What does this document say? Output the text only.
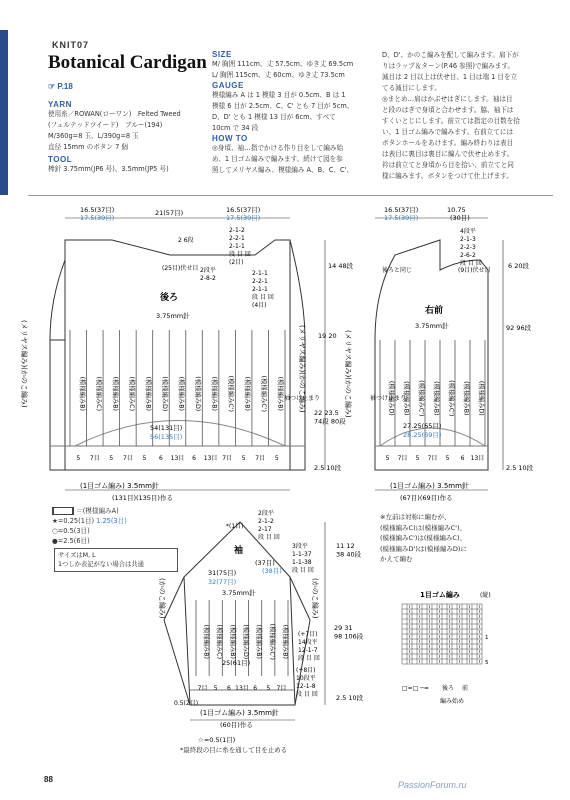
KNIT07
Botanical Cardigan
☞ P.18
YARN
使用糸／ROWAN(ローワン)　Felted Tweed
(フェルテッドツイード)　ブルー(194)
M/360g=8 玉、L/390g=8 玉
直径 15mm のボタン 7 個
TOOL
棒針 3.75mm(JP6 号)、3.5mm(JP5 号)
SIZE
M/ 胸囲 111cm、丈 57.5cm、ゆき丈 69.5cm
L/ 胸囲 115cm、丈 60cm、ゆき丈 73.5cm
GAUGE
模様編み A は 1 模様 3 目が 0.5cm、B は 1
模様 6 目が 2.5cm、C、C' とも 7 目が 5cm、
D、D' とも 1 模様 13 目が 6cm、すべて
10cm で 34 段
HOW TO
◎身頃、袖…指でかける作り目をして編み始
め、1 目ゴム編みで編みます。続けて図を参
照してメリヤス編み、模様編み A、B、C、C'、
D、D'、かのこ編みを配して編みます。肩下が
りはラップ＆ターン(P.46 参照)で編みます。
減目は 2 目以上は伏せ目、1 目は端 1 目を立
てる減目にします。
◎まとめ…肩はかぶせはぎにします。袖は目
と段のはぎで身頃と合わせます。脇、袖下は
すくいとじにします。前立ては指定の目数を拾
い、1 目ゴム編みで編みます。右前立てには
ボタンホールをあけます。編み終わりは表目
は表目に裏目は裏目に編んで伏せ止めます。
衿は前立てと身頃から目を拾い、前立てと同
様に編みます。ボタンをつけて仕上げます。
後ろ
3.75mm針
(1目ゴム編み) 3.5mm針
(131目)(135目)作る
16.5(37目)
17.5(39目)
21(57目)	16.5(37目)
17.5(39目)
54(131目)
56(135目)
2段平 2-8-2
2 6段
(25目)伏せ目
2-1-2 2-2-1 2-1-1 段 目 回(2目)
2-1-1 2-2-1 2-1-1 段 目 回(4目)
14 48段
19 20
22 23.5 74段 80段
2.5 10段
袖つけ止まり
(メリヤス編み)(かのこ編み)	(メリヤス編み)(かのこ編み)
(模様編みB)	(模様編みC)	(模様編みB)	(模様編みC)	(模様編みB)	(模様編みD)	(模様編みB)	(模様編みD)	(模様編みB)	(模様編みC')	(模様編みB)	(模様編みC')	(模様編みB)
5 7目 5 7目 5 6 13目 6 13目 7目 5 7目 5
右前
3.75mm針
(1目ゴム編み) 3.5mm針
(67目)(69目)作る
16.5(37目)
17.5(39目)
10.75
(30目)
4段平 2-1-3 2-2-3 2-6-2 段 目 回
(9目)伏せ目
後ろと同じ
6 20段
92 96段
27.25(65目)
28.25(69目)
袖つけ止まり
2.5 10段
(メリヤス編み)(かのこ編み)	(模様編みD)	(模様編みB)	(模様編みC')	(模様編みB)	(模様編みC')	(模様編みB)	(模様編みD)
5 7目 5 7目 5 6 13目
袖
3.75mm針
(1目ゴム編み) 3.5mm針
(60目)作る
(37目)
(38目)
2段平 2-1-2 2-17 段 目 回
3段平 1-1-37 1-1-38 段 目 回
31(75目)
32(77目)
25(61目)
(+7目) 14段平 12-1-7 段 目 回
(+8目) 10段平 12-1-8 段 目 回
11 12 38 40段
29 31 98 106段
2.5 10段
0.5(2目)
*(1目)
☆=0.5(1目)
(かのこ編み)	(かのこ編み)
(模様編みB) (模様編みC) (模様編みB) (模様編みD) (模様編みB) (模様編みC') (模様編みB)
7目 5 6 13目 6 5 7目
1目ゴム編み	(縦)
□=□ ─= 後ろ 前
編み始め
5
1
＝(模様編みA)
★=0.25(1目) 1.25(3目)
○=0.5(3目)
●=2.5(6目)
サイズはM, L
1つしか表記がない場合は共通
※左前は対称に編むが、
(模様編みC)は(模様編みC')、
(模様編みC')は(模様編みC)、
(模様編みD')は(模様編みD)に
かえて編む
*最終段の目に糸を通して目を止める
88
PassionForum.ru
